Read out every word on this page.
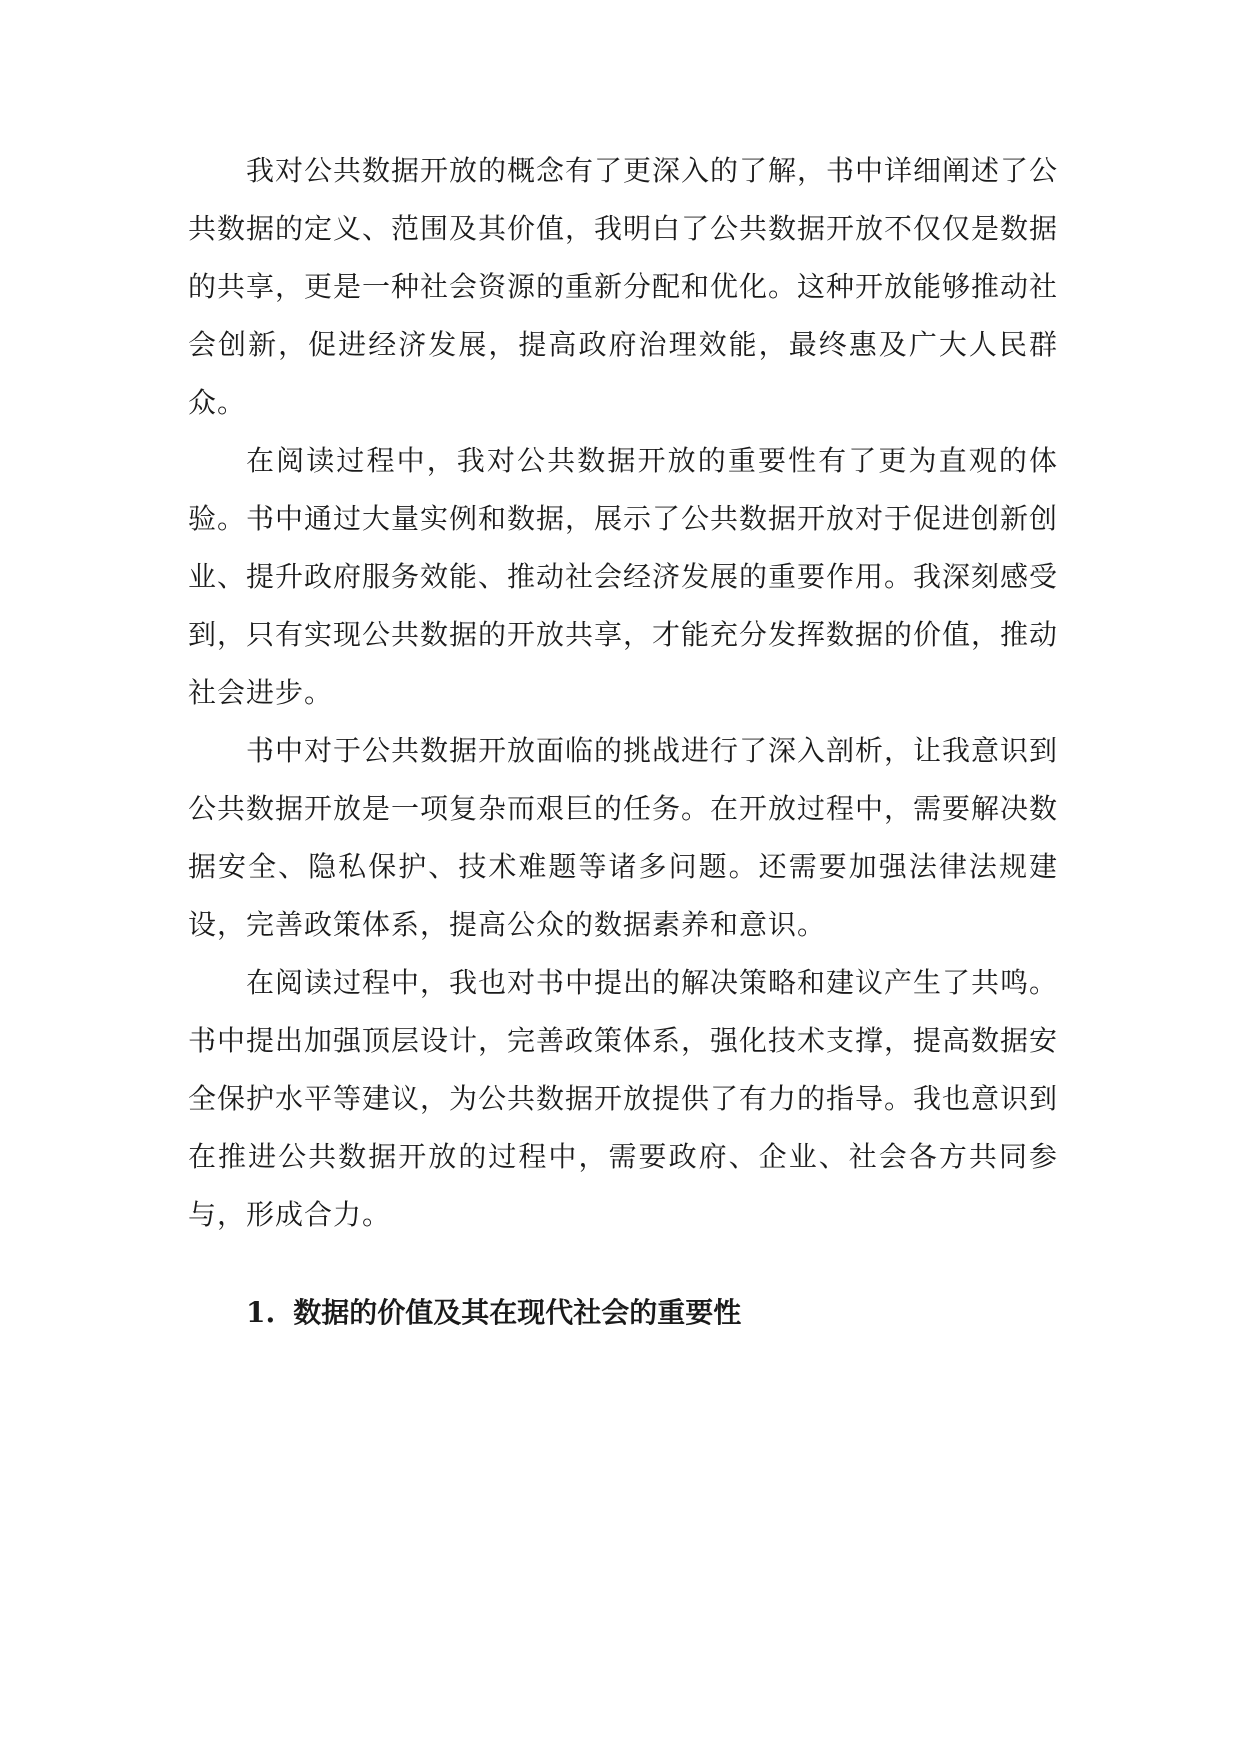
我对公共数据开放的概念有了更深入的了解，书中详细阐述了公共数据的定义、范围及其价值，我明白了公共数据开放不仅仅是数据的共享，更是一种社会资源的重新分配和优化。这种开放能够推动社会创新，促进经济发展，提高政府治理效能，最终惠及广大人民群众。

在阅读过程中，我对公共数据开放的重要性有了更为直观的体验。书中通过大量实例和数据，展示了公共数据开放对于促进创新创业、提升政府服务效能、推动社会经济发展的重要作用。我深刻感受到，只有实现公共数据的开放共享，才能充分发挥数据的价值，推动社会进步。

书中对于公共数据开放面临的挑战进行了深入剖析，让我意识到公共数据开放是一项复杂而艰巨的任务。在开放过程中，需要解决数据安全、隐私保护、技术难题等诸多问题。还需要加强法律法规建设，完善政策体系，提高公众的数据素养和意识。

在阅读过程中，我也对书中提出的解决策略和建议产生了共鸣。书中提出加强顶层设计，完善政策体系，强化技术支撑，提高数据安全保护水平等建议，为公共数据开放提供了有力的指导。我也意识到在推进公共数据开放的过程中，需要政府、企业、社会各方共同参与，形成合力。

1. 数据的价值及其在现代社会的重要性
